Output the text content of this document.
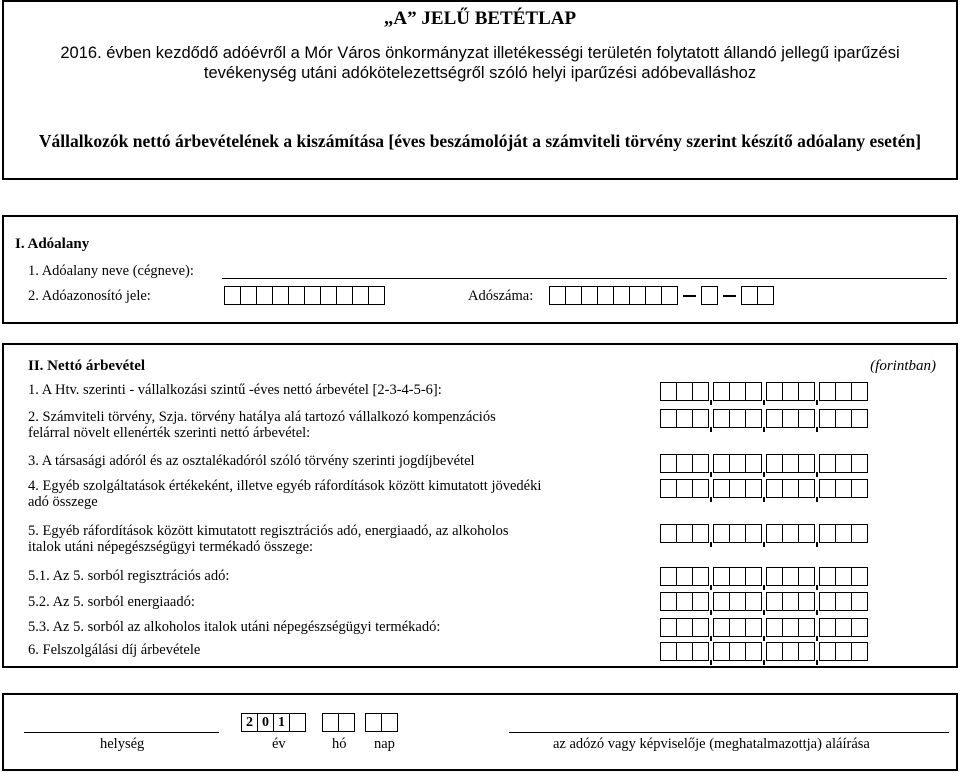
„A” JELŰ BETÉTLAP
2016. évben kezdődő adóévről a Mór Város önkormányzat illetékességi területén folytatott állandó jellegű iparűzési tevékenység utáni adókötelezettségről szóló helyi iparűzési adóbevalláshoz
Vállalkozók nettó árbevételének a kiszámítása [éves beszámolóját a számviteli törvény szerint készítő adóalany esetén]
I. Adóalany
1. Adóalany neve (cégneve):
2. Adóazonosító jele:	Adószáma:
II. Nettó árbevétel	(forintban)
1. A Htv. szerinti - vállalkozási szintű -éves nettó árbevétel [2-3-4-5-6]:
2. Számviteli törvény, Szja. törvény hatálya alá tartozó vállalkozó kompenzációs
felárral növelt ellenérték szerinti nettó árbevétel:
3. A társasági adóról és az osztalékadóról szóló törvény szerinti jogdíjbevétel
4. Egyéb szolgáltatások értékeként, illetve egyéb ráfordítások között kimutatott jövedéki
adó összege
5. Egyéb ráfordítások között kimutatott regisztrációs adó, energiaadó, az alkoholos
italok utáni népegészségügyi termékadó összege:
5.1. Az 5. sorból regisztrációs adó:
5.2. Az 5. sorból energiaadó:
5.3. Az 5. sorból az alkoholos italok utáni népegészségügyi termékadó:
6. Felszolgálási díj árbevétele
2 0 1
helység	év	hó nap	az adózó vagy képviselője (meghatalmazottja) aláírása
